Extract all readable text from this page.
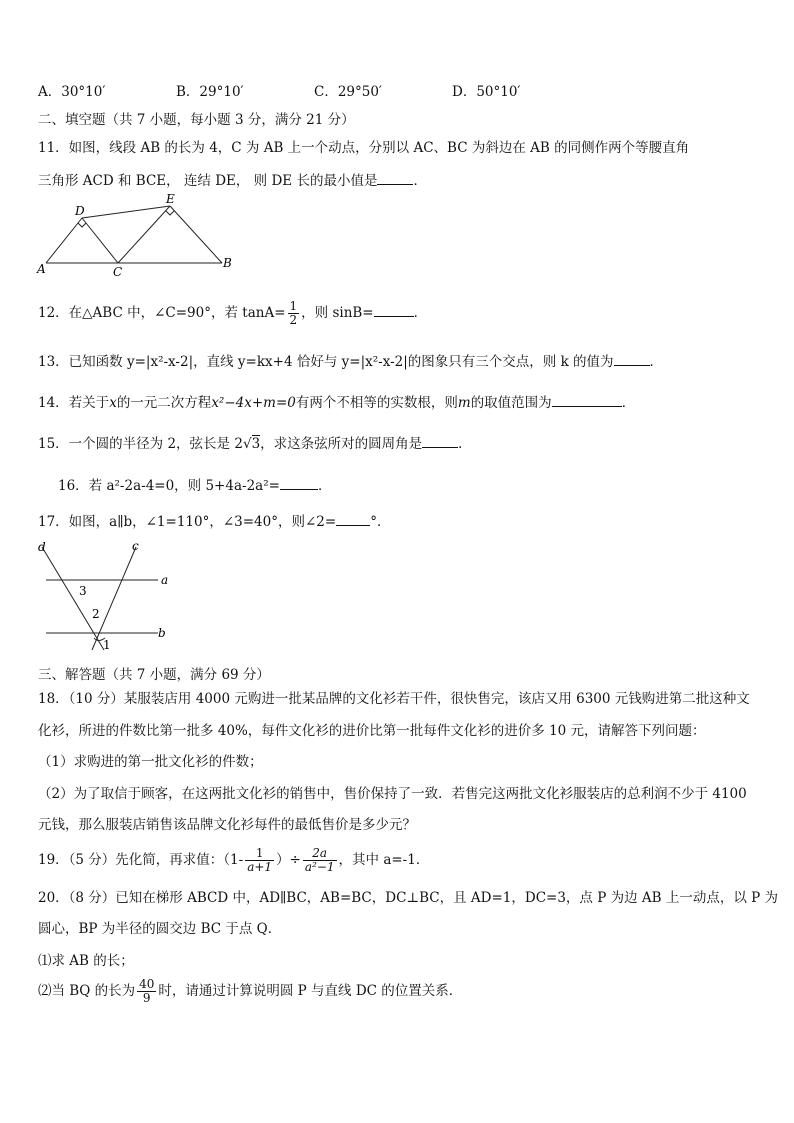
A．30°10′	B．29°10′	C．29°50′	D．50°10′
二、填空题（共 7 小题，每小题 3 分，满分 21 分）
11．如图，线段 AB 的长为 4，C 为 AB 上一个动点，分别以 AC、BC 为斜边在 AB 的同侧作两个等腰直角
三角形 ACD 和 BCE， 连结 DE， 则 DE 长的最小值是	．
D
E
A	C
B
12．在△ABC 中，∠C=90°，若 $\tan A= \frac{1}{2}$ ，则 sinB=	．
13．已知函数 y=|x²-x-2|，直线 y=kx+4 恰好与 y=|x²-x-2|的图象只有三个交点，则 k 的值为	．
14．若关于x的一元二次方程x²−4x+m=0有两个不相等的实数根，则m的取值范围为	．
15．一个圆的半径为 2，弦长是 2√3，求这条弦所对的圆周角是	．
16．若 a²-2a-4=0，则 5+4a-2a²=	．
17．如图，a∥b，∠1=110°，∠3=40°，则∠2=	°．
d	c
a
b
3
2
1
三、解答题（共 7 小题，满分 69 分）
18．（10 分）某服装店用 4000 元购进一批某品牌的文化衫若干件，很快售完，该店又用 6300 元钱购进第二批这种文
化衫，所进的件数比第一批多 40%，每件文化衫的进价比第一批每件文化衫的进价多 10 元，请解答下列问题：
（1）求购进的第一批文化衫的件数；
（2）为了取信于顾客，在这两批文化衫的销售中，售价保持了一致．若售完这两批文化衫服装店的总利润不少于 4100
元钱，那么服装店销售该品牌文化衫每件的最低售价是多少元？
19．（5 分）先化简，再求值：（$1- \frac{1}{a+1}$ ）÷ $\frac{2a}{\text{a²−1}}$ ，其中 a=-1．
20．（8 分）已知在梯形 ABCD 中，AD∥BC，AB=BC，DC⊥BC，且 AD=1，DC=3，点 P 为边 AB 上一动点，以 P 为
圆心，BP 为半径的圆交边 BC 于点 Q．
⑴求 AB 的长；
⑵当 BQ 的长为 $\frac{40}{9}$ 时，请通过计算说明圆 P 与直线 DC 的位置关系．
